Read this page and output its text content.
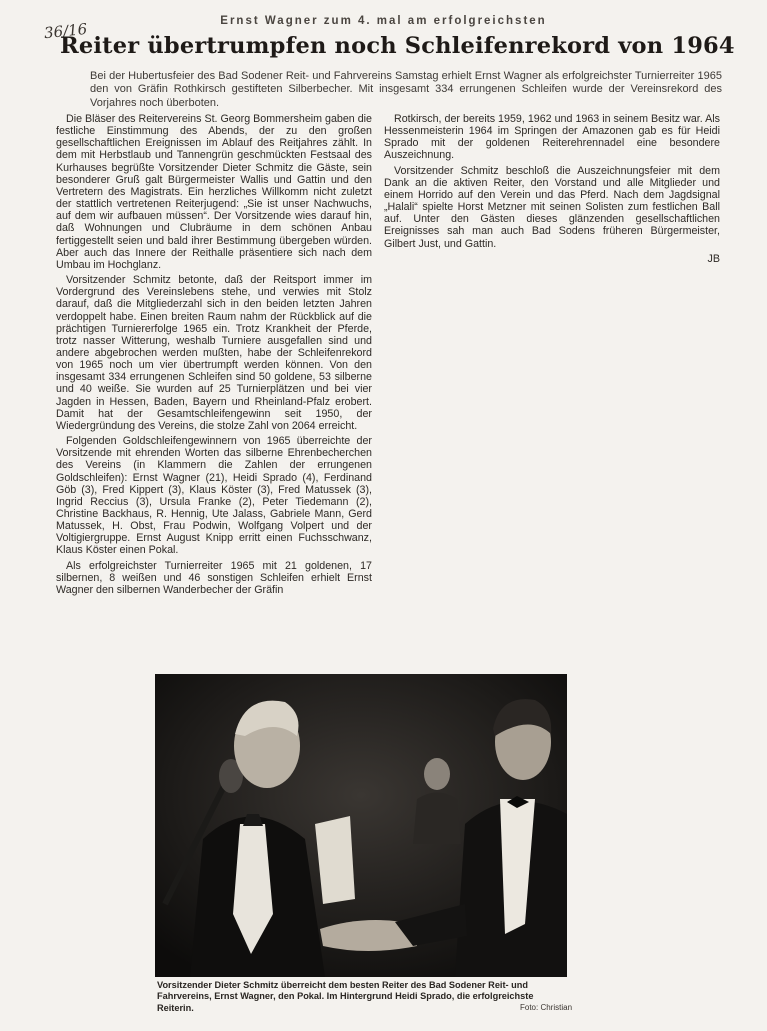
36/16	Ernst Wagner zum 4. mal am erfolgreichsten
Reiter übertrumpfen noch Schleifenrekord von 1964
Bei der Hubertusfeier des Bad Sodener Reit- und Fahrvereins Samstag erhielt Ernst Wagner als erfolgreichster Turnierreiter 1965 den von Gräfin Rothkirsch gestifteten Silberbecher. Mit insgesamt 334 errungenen Schleifen wurde der Vereinsrekord des Vorjahres noch überboten.

Die Bläser des Reitervereins St. Georg Bommersheim gaben die festliche Einstimmung des Abends, der zu den großen gesellschaftlichen Ereignissen im Ablauf des Reitjahres zählt. In dem mit Herbstlaub und Tannengrün geschmückten Festsaal des Kurhauses begrüßte Vorsitzender Dieter Schmitz die Gäste, sein besonderer Gruß galt Bürgermeister Wallis und Gattin und den Vertretern des Magistrats. Ein herzliches Willkomm nicht zuletzt der stattlich vertretenen Reiterjugend: „Sie ist unser Nachwuchs, auf dem wir aufbauen müssen“. Der Vorsitzende wies darauf hin, daß Wohnungen und Clubräume in dem schönen Anbau fertiggestellt seien und bald ihrer Bestimmung übergeben würden. Aber auch das Innere der Reithalle präsentiere sich nach dem Umbau im Hochglanz.

Vorsitzender Schmitz betonte, daß der Reitsport immer im Vordergrund des Vereinslebens stehe, und verwies mit Stolz darauf, daß die Mitgliederzahl sich in den beiden letzten Jahren verdoppelt habe. Einen breiten Raum nahm der Rückblick auf die prächtigen Turniererfolge 1965 ein. Trotz Krankheit der Pferde, trotz nasser Witterung, weshalb Turniere ausgefallen sind und andere abgebrochen werden mußten, habe der Schleifenrekord von 1965 noch um vier übertrumpft werden können. Von den insgesamt 334 errungenen Schleifen sind 50 goldene, 53 silberne und 40 weiße. Sie wurden auf 25 Turnierplätzen und bei vier Jagden in Hessen, Baden, Bayern und Rheinland-Pfalz erobert. Damit hat der Gesamtschleifengewinn seit 1950, der Wiedergründung des Vereins, die stolze Zahl von 2064 erreicht.

Folgenden Goldschleifengewinnern von 1965 überreichte der Vorsitzende mit ehrenden Worten das silberne Ehrenbecherchen des Vereins (in Klammern die Zahlen der errungenen Goldschleifen): Ernst Wagner (21), Heidi Sprado (4), Ferdinand Göb (3), Fred Kippert (3), Klaus Köster (3), Fred Matussek (3), Ingrid Reccius (3), Ursula Franke (2), Peter Tiedemann (2), Christine Backhaus, R. Hennig, Ute Jalass, Gabriele Mann, Gerd Matussek, H. Obst, Frau Podwin, Wolfgang Volpert und der Voltigiergruppe. Ernst August Knipp erritt einen Fuchsschwanz, Klaus Köster einen Pokal.

Als erfolgreichster Turnierreiter 1965 mit 21 goldenen, 17 silbernen, 8 weißen und 46 sonstigen Schleifen erhielt Ernst Wagner den silbernen Wanderbecher der Gräfin

Rotkirsch, der bereits 1959, 1962 und 1963 in seinem Besitz war. Als Hessenmeisterin 1964 im Springen der Amazonen gab es für Heidi Sprado mit der goldenen Reiterehrennadel eine besondere Auszeichnung.

Vorsitzender Schmitz beschloß die Auszeichnungsfeier mit dem Dank an die aktiven Reiter, den Vorstand und alle Mitglieder und einem Horrido auf den Verein und das Pferd. Nach dem Jagdsignal „Halali“ spielte Horst Metzner mit seinen Solisten zum festlichen Ball auf. Unter den Gästen dieses glänzenden gesellschaftlichen Ereignisses sah man auch Bad Sodens früheren Bürgermeister, Gilbert Just, und Gattin.

JB
Vorsitzender Dieter Schmitz überreicht dem besten Reiter des Bad Sodener Reit- und Fahrvereins, Ernst Wagner, den Pokal. Im Hintergrund Heidi Sprado, die erfolgreichste Reiterin.	Foto: Christian
